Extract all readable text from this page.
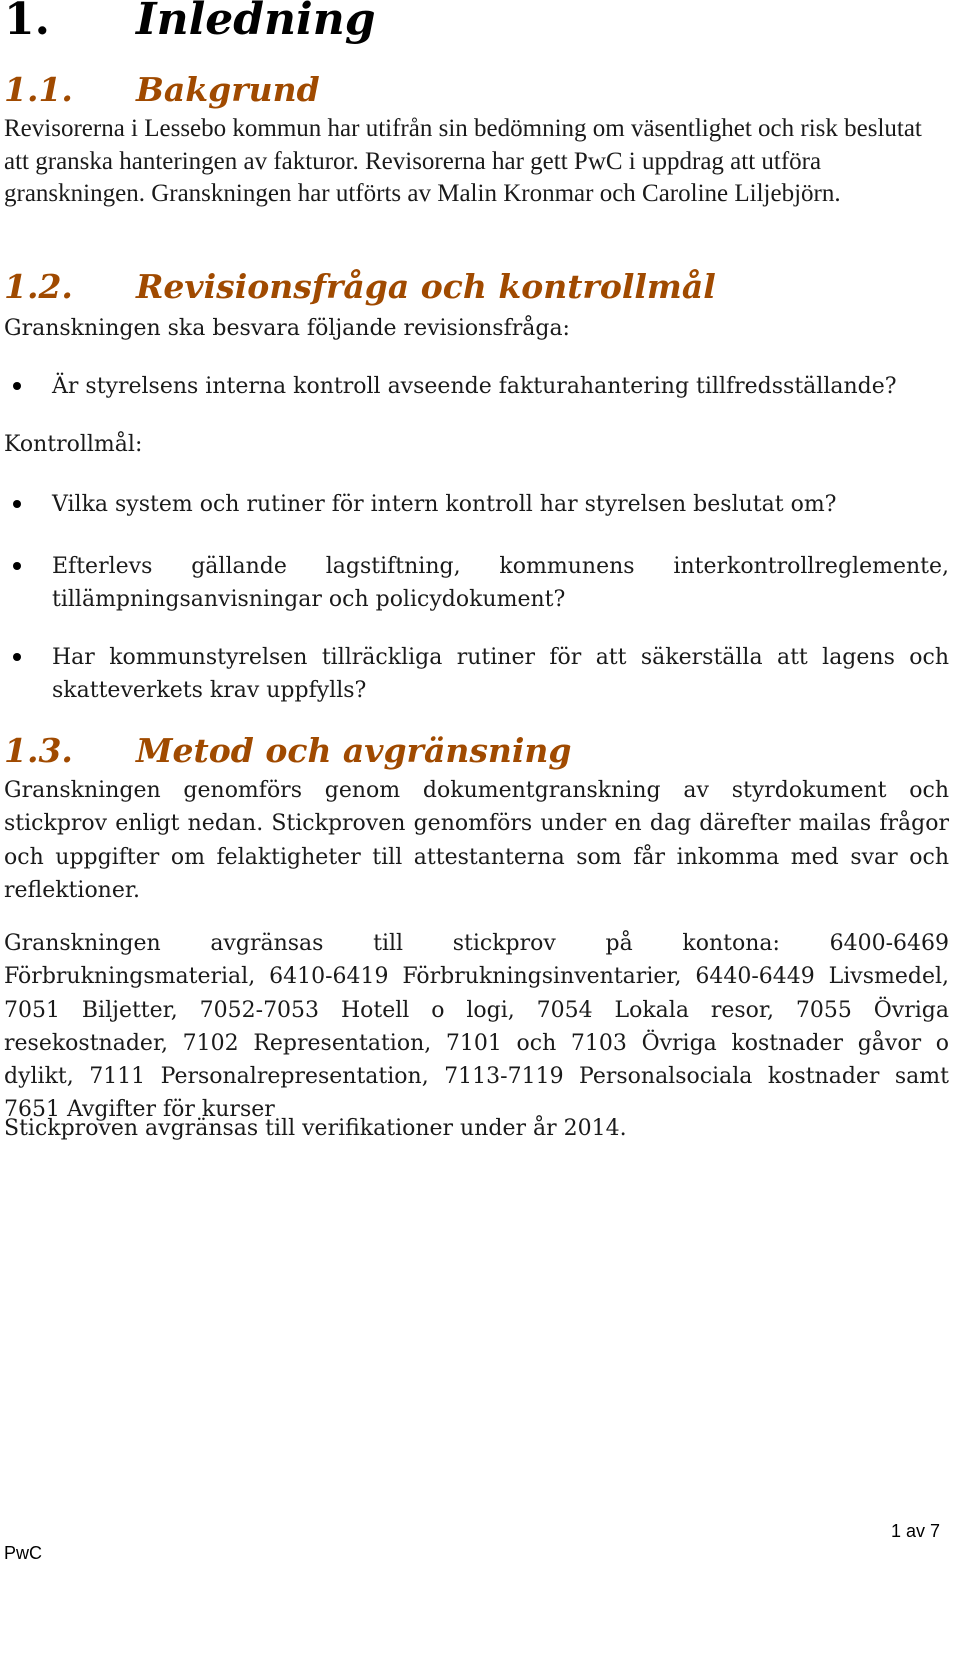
1. Inledning
1.1. Bakgrund

Revisorerna i Lessebo kommun har utifrån sin bedömning om väsentlighet och risk beslutat att granska hanteringen av fakturor. Revisorerna har gett PwC i uppdrag att utföra granskningen. Granskningen har utförts av Malin Kronmar och Caroline Liljebjörn.

1.2. Revisionsfråga och kontrollmål

Granskningen ska besvara följande revisionsfråga:

Är styrelsens interna kontroll avseende fakturahantering tillfredsställande?

Kontrollmål:

Vilka system och rutiner för intern kontroll har styrelsen beslutat om?
Efterlevs gällande lagstiftning, kommunens interkontrollreglemente, tillämpningsanvisningar och policydokument?
Har kommunstyrelsen tillräckliga rutiner för att säkerställa att lagens och skatteverkets krav uppfylls?
1.3. Metod och avgränsning

Granskningen genomförs genom dokumentgranskning av styrdokument och stickprov enligt nedan. Stickproven genomförs under en dag därefter mailas frågor och uppgifter om felaktigheter till attestanterna som får inkomma med svar och reflektioner.

Granskningen avgränsas till stickprov på kontona: 6400-6469 Förbrukningsmaterial, 6410-6419 Förbrukningsinventarier, 6440-6449 Livsmedel, 7051 Biljetter, 7052-7053 Hotell o logi, 7054 Lokala resor, 7055 Övriga resekostnader, 7102 Representation, 7101 och 7103 Övriga kostnader gåvor o dylikt, 7111 Personalrepresentation, 7113-7119 Personalsociala kostnader samt 7651 Avgifter för kurser

Stickproven avgränsas till verifikationer under år 2014.

1 av 7
PwC
